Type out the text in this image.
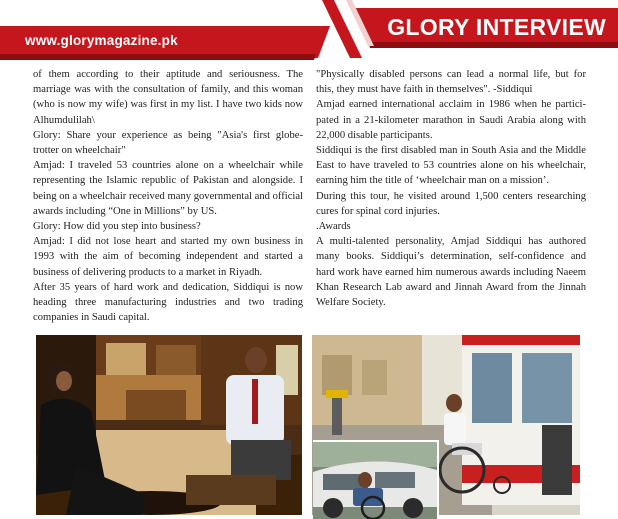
www.glorymagazine.pk
GLORY INTERVIEW

of them according to their aptitude and seriousness. The marriage was with the consultation of family, and this woman (who is now my wife) was first in my list. I have two kids now Alhumdulilah\

Glory: Share your experience as being "Asia's first globe-trotter on wheelchair"

Amjad: I traveled 53 countries alone on a wheelchair while representing the Islamic republic of Pakistan and alongside. I being on a wheelchair received many governmental and official awards including “One in Millions” by US.

Glory: How did you step into business?

Amjad: I did not lose heart and started my own business in 1993 with the aim of becoming independent and started a business of delivering products to a market in Riyadh.

After 35 years of hard work and dedication, Siddiqui is now heading three manufacturing industries and two trading companies in Saudi capital.

"Physically disabled persons can lead a normal life, but for this, they must have faith in themselves". -Siddiqui

Amjad earned international acclaim in 1986 when he partici-pated in a 21-kilometer marathon in Saudi Arabia along with 22,000 disable participants.

Siddiqui is the first disabled man in South Asia and the Middle East to have traveled to 53 countries alone on his wheelchair, earning him the title of ‘wheelchair man on a mission’.

During this tour, he visited around 1,500 centers researching cures for spinal cord injuries.

.Awards

A multi-talented personality, Amjad Siddiqui has authored many books. Siddiqui’s determination, self-confidence and hard work have earned him numerous awards including Naeem Khan Research Lab award and Jinnah Award from the Jinnah Welfare Society.
